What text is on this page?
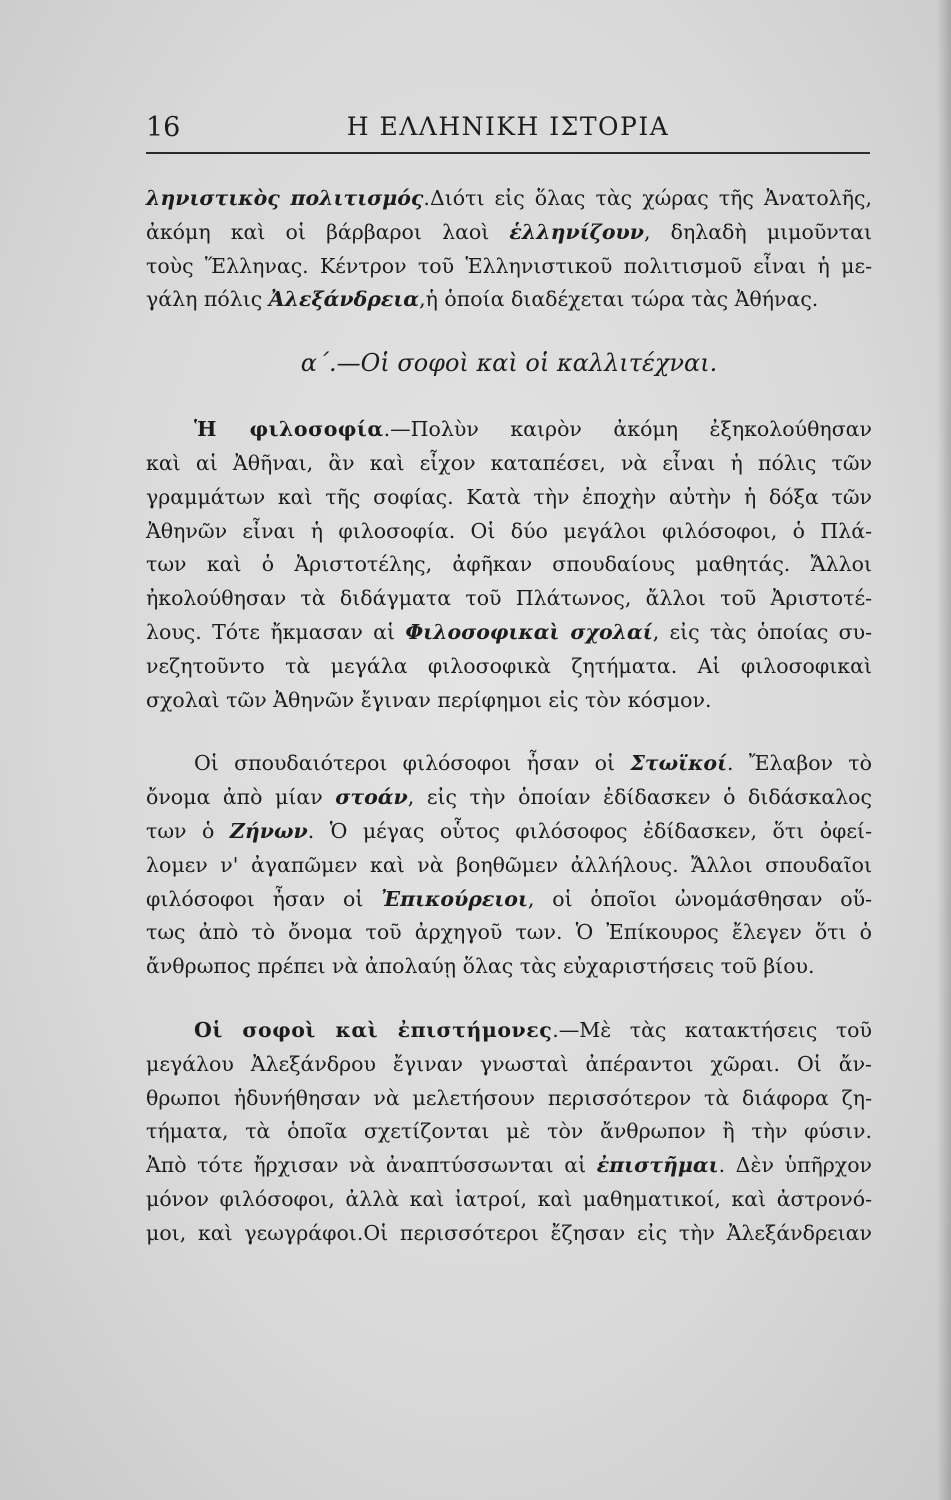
16	Η ΕΛΛΗΝΙΚΗ ΙΣΤΟΡΙΑ

ληνιστικὸς πολιτισμός.Διότι εἰς ὅλας τὰς χώρας τῆς Ἀνατολῆς,
ἀκόμη καὶ οἱ βάρβαροι λαοὶ ἑλληνίζουν, δηλαδὴ μιμοῦνται
τοὺς Ἕλληνας. Κέντρον τοῦ Ἑλληνιστικοῦ πολιτισμοῦ εἶναι ἡ με-
γάλη πόλις Ἀλεξάνδρεια,ἡ ὁποία διαδέχεται τώρα τὰς Ἀθήνας.

α΄.—Οἱ σοφοὶ καὶ οἱ καλλιτέχναι.

Ἡ φιλοσοφία.—Πολὺν καιρὸν ἀκόμη ἐξηκολούθησαν
καὶ αἱ Ἀθῆναι, ἂν καὶ εἶχον καταπέσει, νὰ εἶναι ἡ πόλις τῶν
γραμμάτων καὶ τῆς σοφίας. Κατὰ τὴν ἐποχὴν αὐτὴν ἡ δόξα τῶν
Ἀθηνῶν εἶναι ἡ φιλοσοφία. Οἱ δύο μεγάλοι φιλόσοφοι, ὁ Πλά-
των καὶ ὁ Ἀριστοτέλης, ἀφῆκαν σπουδαίους μαθητάς. Ἄλλοι
ἠκολούθησαν τὰ διδάγματα τοῦ Πλάτωνος, ἄλλοι τοῦ Ἀριστοτέ-
λους. Τότε ἤκμασαν αἱ Φιλοσοφικαὶ σχολαί, εἰς τὰς ὁποίας συ-
νεζητοῦντο τὰ μεγάλα φιλοσοφικὰ ζητήματα. Αἱ φιλοσοφικαὶ
σχολαὶ τῶν Ἀθηνῶν ἔγιναν περίφημοι εἰς τὸν κόσμον.

Οἱ σπουδαιότεροι φιλόσοφοι ἦσαν οἱ Στωϊκοί. Ἔλαβον τὸ
ὄνομα ἀπὸ μίαν στοάν, εἰς τὴν ὁποίαν ἐδίδασκεν ὁ διδάσκαλος
των ὁ Ζήνων. Ὁ μέγας οὗτος φιλόσοφος ἐδίδασκεν, ὅτι ὀφεί-
λομεν ν' ἀγαπῶμεν καὶ νὰ βοηθῶμεν ἀλλήλους. Ἄλλοι σπουδαῖοι
φιλόσοφοι ἦσαν οἱ Ἐπικούρειοι, οἱ ὁποῖοι ὠνομάσθησαν οὕ-
τως ἀπὸ τὸ ὄνομα τοῦ ἀρχηγοῦ των. Ὁ Ἐπίκουρος ἔλεγεν ὅτι ὁ
ἄνθρωπος πρέπει νὰ ἀπολαύῃ ὅλας τὰς εὐχαριστήσεις τοῦ βίου.

Οἱ σοφοὶ καὶ ἐπιστήμονες.—Μὲ τὰς κατακτήσεις τοῦ
μεγάλου Ἀλεξάνδρου ἔγιναν γνωσταὶ ἀπέραντοι χῶραι. Οἱ ἄν-
θρωποι ἠδυνήθησαν νὰ μελετήσουν περισσότερον τὰ διάφορα ζη-
τήματα, τὰ ὁποῖα σχετίζονται μὲ τὸν ἄνθρωπον ἢ τὴν φύσιν.
Ἀπὸ τότε ἤρχισαν νὰ ἀναπτύσσωνται αἱ ἐπιστῆμαι. Δὲν ὑπῆρχον
μόνον φιλόσοφοι, ἀλλὰ καὶ ἰατροί, καὶ μαθηματικοί, καὶ ἀστρονό-
μοι, καὶ γεωγράφοι.Οἱ περισσότεροι ἔζησαν εἰς τὴν Ἀλεξάνδρειαν
